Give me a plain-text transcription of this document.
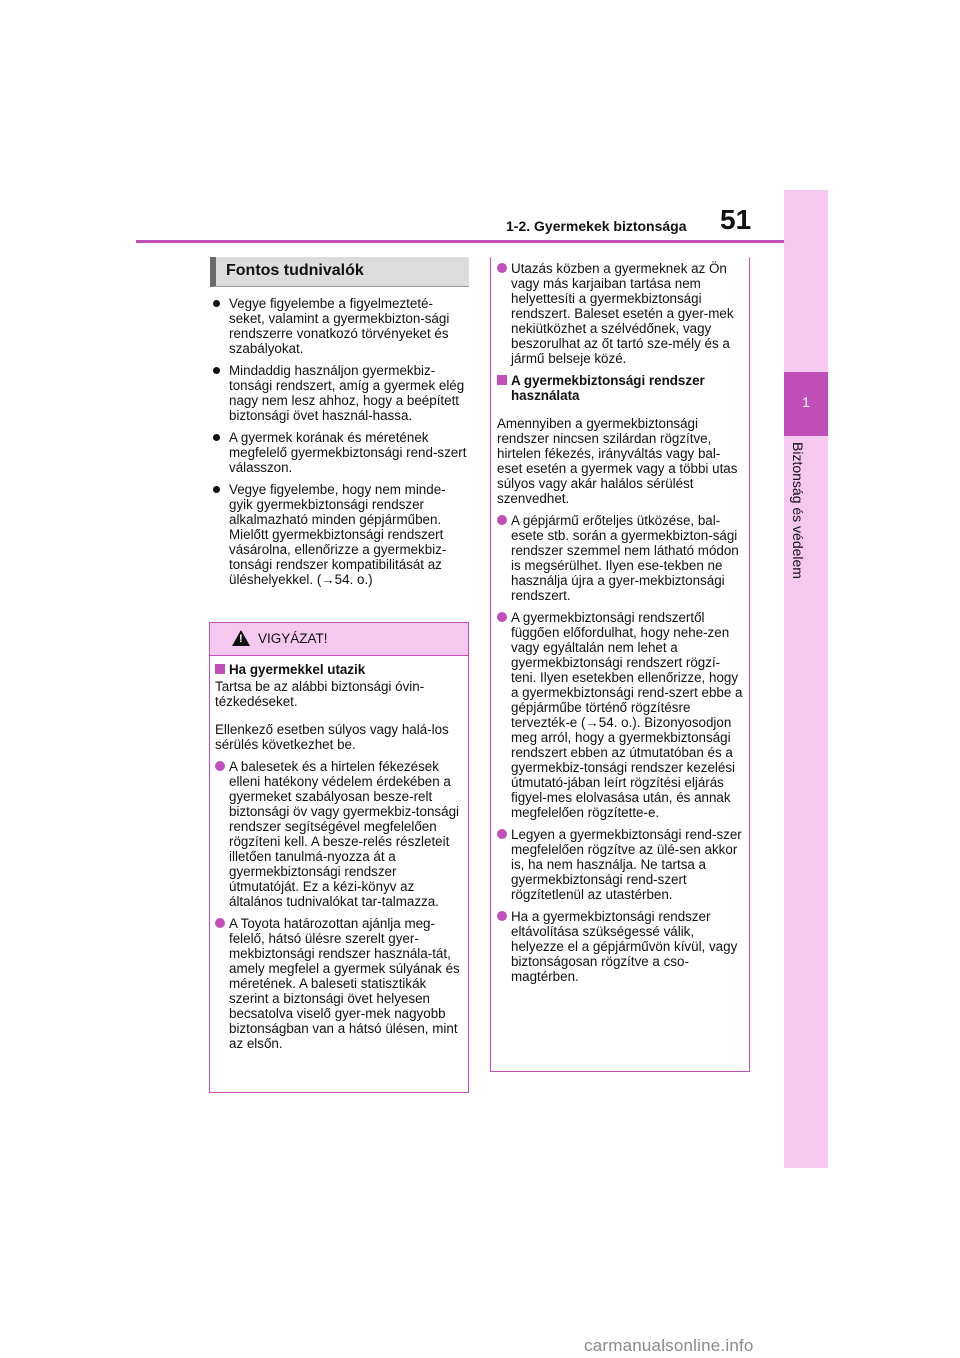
1-2. Gyermekek biztonsága 51
1
Biztonság és védelem
Fontos tudnivalók
Vegye figyelembe a figyelmezteté-seket, valamint a gyermekbizton-sági rendszerre vonatkozó törvényeket és szabályokat.
Mindaddig használjon gyermekbiz-tonsági rendszert, amíg a gyermek elég nagy nem lesz ahhoz, hogy a beépített biztonsági övet használ-hassa.
A gyermek korának és méretének megfelelő gyermekbiztonsági rend-szert válasszon.
Vegye figyelembe, hogy nem minde-gyik gyermekbiztonsági rendszer alkalmazható minden gépjárműben. Mielőtt gyermekbiztonsági rendszert vásárolna, ellenőrizze a gyermekbiz-tonsági rendszer kompatibilitását az üléshelyekkel. (→54. o.)
!
VIGYÁZAT!
Ha gyermekkel utazik
Tartsa be az alábbi biztonsági óvin-tézkedéseket.

Ellenkező esetben súlyos vagy halá-los sérülés következhet be.

A balesetek és a hirtelen fékezések elleni hatékony védelem érdekében a gyermeket szabályosan besze-relt biztonsági öv vagy gyermekbiz-tonsági rendszer segítségével megfelelően rögzíteni kell. A besze-relés részleteit illetően tanulmá-nyozza át a gyermekbiztonsági rendszer útmutatóját. Ez a kézi-könyv az általános tudnivalókat tar-talmazza.
A Toyota határozottan ajánlja meg-felelő, hátsó ülésre szerelt gyer-mekbiztonsági rendszer használa-tát, amely megfelel a gyermek súlyának és méretének. A baleseti statisztikák szerint a biztonsági övet helyesen becsatolva viselő gyer-mek nagyobb biztonságban van a hátsó ülésen, mint az elsőn.
Utazás közben a gyermeknek az Ön vagy más karjaiban tartása nem helyettesíti a gyermekbiztonsági rendszert. Baleset esetén a gyer-mek nekiütközhet a szélvédőnek, vagy beszorulhat az őt tartó sze-mély és a jármű belseje közé.
A gyermekbiztonsági rendszer használata

Amennyiben a gyermekbiztonsági rendszer nincsen szilárdan rögzítve, hirtelen fékezés, irányváltás vagy bal-eset esetén a gyermek vagy a többi utas súlyos vagy akár halálos sérülést szenvedhet.

A gépjármű erőteljes ütközése, bal-esete stb. során a gyermekbizton-sági rendszer szemmel nem látható módon is megsérülhet. Ilyen ese-tekben ne használja újra a gyer-mekbiztonsági rendszert.
A gyermekbiztonsági rendszertől függően előfordulhat, hogy nehe-zen vagy egyáltalán nem lehet a gyermekbiztonsági rendszert rögzí-teni. Ilyen esetekben ellenőrizze, hogy a gyermekbiztonsági rend-szert ebbe a gépjárműbe történő rögzítésre tervezték-e (→54. o.). Bizonyosodjon meg arról, hogy a gyermekbiztonsági rendszert ebben az útmutatóban és a gyermekbiz-tonsági rendszer kezelési útmutató-jában leírt rögzítési eljárás figyel-mes elolvasása után, és annak megfelelően rögzítette-e.
Legyen a gyermekbiztonsági rend-szer megfelelően rögzítve az ülé-sen akkor is, ha nem használja. Ne tartsa a gyermekbiztonsági rend-szert rögzítetlenül az utastérben.
Ha a gyermekbiztonsági rendszer eltávolítása szükségessé válik, helyezze el a gépjárművön kívül, vagy biztonságosan rögzítve a cso-magtérben.
carmanualsonline.info
